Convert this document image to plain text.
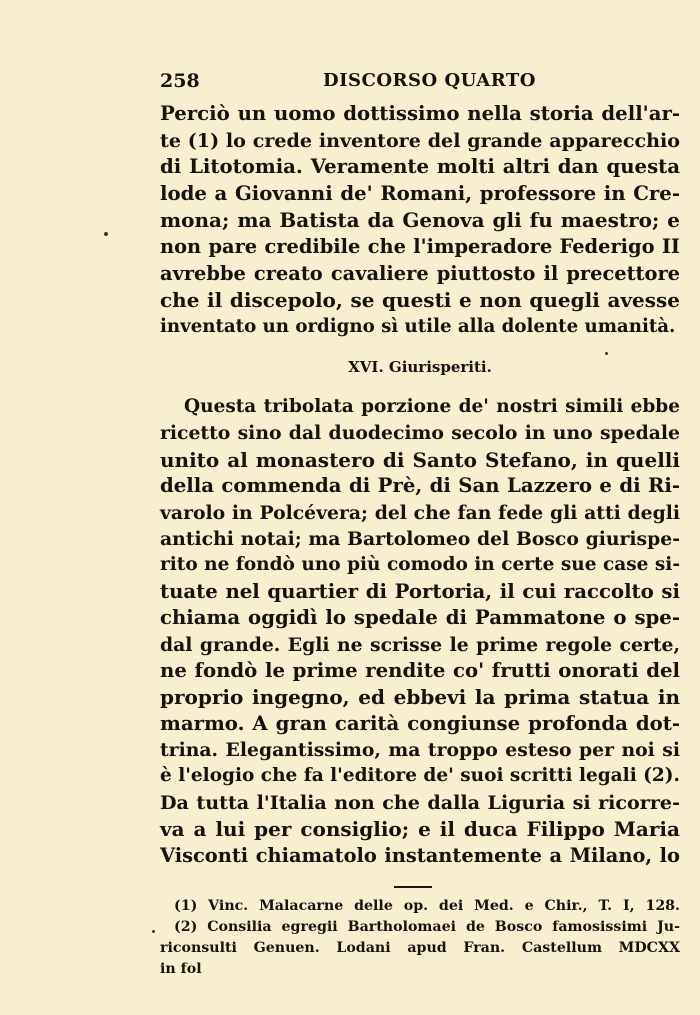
258	DISCORSO QUARTO
Perciò un uomo dottissimo nella storia dell'ar-
te (1) lo crede inventore del grande apparecchio
di Litotomia. Veramente molti altri dan questa
lode a Giovanni de' Romani, professore in Cre-
mona; ma Batista da Genova gli fu maestro; e
non pare credibile che l'imperadore Federigo II
avrebbe creato cavaliere piuttosto il precettore
che il discepolo, se questi e non quegli avesse
inventato un ordigno sì utile alla dolente umanità.
XVI. Giurisperiti.
Questa tribolata porzione de' nostri simili ebbe
ricetto sino dal duodecimo secolo in uno spedale
unito al monastero di Santo Stefano, in quelli
della commenda di Prè, di San Lazzero e di Ri-
varolo in Polcévera; del che fan fede gli atti degli
antichi notai; ma Bartolomeo del Bosco giurispe-
rito ne fondò uno più comodo in certe sue case si-
tuate nel quartier di Portoria, il cui raccolto si
chiama oggidì lo spedale di Pammatone o spe-
dal grande. Egli ne scrisse le prime regole certe,
ne fondò le prime rendite co' frutti onorati del
proprio ingegno, ed ebbevi la prima statua in
marmo. A gran carità congiunse profonda dot-
trina. Elegantissimo, ma troppo esteso per noi si
è l'elogio che fa l'editore de' suoi scritti legali (2).
Da tutta l'Italia non che dalla Liguria si ricorre-
va a lui per consiglio; e il duca Filippo Maria
Visconti chiamatolo instantemente a Milano, lo
(1) Vinc. Malacarne delle op. dei Med. e Chir., T. I, 128.
(2) Consilia egregii Bartholomaei de Bosco famosissimi Ju-
riconsulti Genuen. Lodani apud Fran. Castellum MDCXX
in fol
